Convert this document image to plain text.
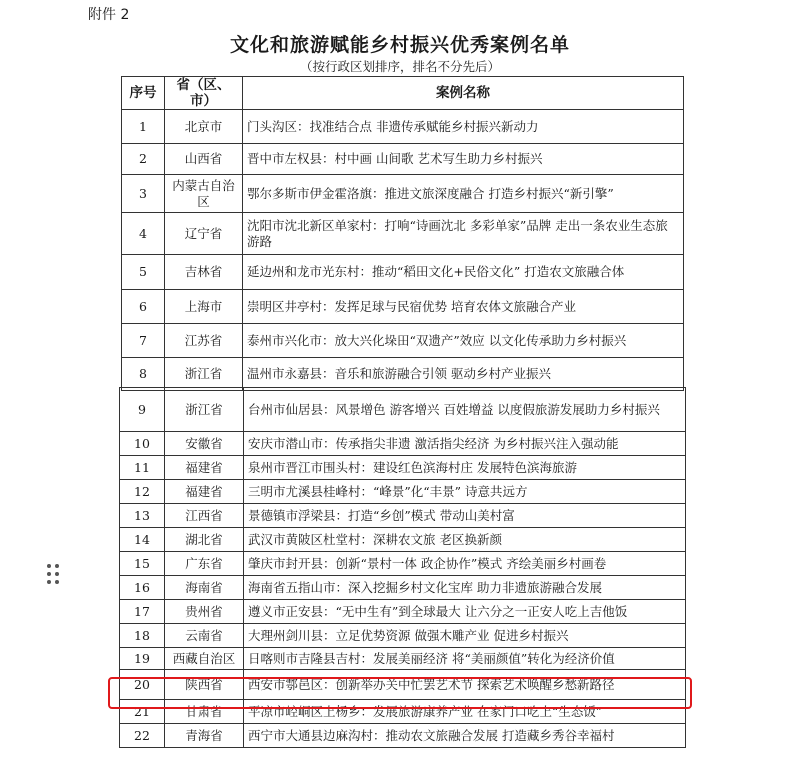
附件 2
文化和旅游赋能乡村振兴优秀案例名单
（按行政区划排序，排名不分先后）
序号	省（区、市）	案例名称
1	北京市	门头沟区：找准结合点 非遗传承赋能乡村振兴新动力
2	山西省	晋中市左权县：村中画 山间歌 艺术写生助力乡村振兴
3	内蒙古自治区	鄂尔多斯市伊金霍洛旗：推进文旅深度融合 打造乡村振兴“新引擎”
4	辽宁省	沈阳市沈北新区单家村：打响“诗画沈北 多彩单家”品牌 走出一条农业生态旅游路
5	吉林省	延边州和龙市光东村：推动“稻田文化+民俗文化” 打造农文旅融合体
6	上海市	崇明区井亭村：发挥足球与民宿优势 培育农体文旅融合产业
7	江苏省	泰州市兴化市：放大兴化垛田“双遗产”效应 以文化传承助力乡村振兴
8	浙江省	温州市永嘉县：音乐和旅游融合引领 驱动乡村产业振兴
9	浙江省	台州市仙居县：风景增色 游客增兴 百姓增益 以度假旅游发展助力乡村振兴
10	安徽省	安庆市潜山市：传承指尖非遗 激活指尖经济 为乡村振兴注入强动能
11	福建省	泉州市晋江市围头村：建设红色滨海村庄 发展特色滨海旅游
12	福建省	三明市尤溪县桂峰村：“峰景”化“丰景” 诗意共远方
13	江西省	景德镇市浮梁县：打造“乡创”模式 带动山美村富
14	湖北省	武汉市黄陂区杜堂村：深耕农文旅 老区换新颜
15	广东省	肇庆市封开县：创新“景村一体 政企协作”模式 齐绘美丽乡村画卷
16	海南省	海南省五指山市：深入挖掘乡村文化宝库 助力非遗旅游融合发展
17	贵州省	遵义市正安县：“无中生有”到全球最大 让六分之一正安人吃上吉他饭
18	云南省	大理州剑川县：立足优势资源 做强木雕产业 促进乡村振兴
19	西藏自治区	日喀则市吉隆县吉村：发展美丽经济 将“美丽颜值”转化为经济价值
20	陕西省	西安市鄠邑区：创新举办关中忙罢艺术节 探索艺术唤醒乡愁新路径
21	甘肃省	平凉市崆峒区上杨乡：发展旅游康养产业 在家门口吃上“生态饭”
22	青海省	西宁市大通县边麻沟村：推动农文旅融合发展 打造藏乡秀谷幸福村
